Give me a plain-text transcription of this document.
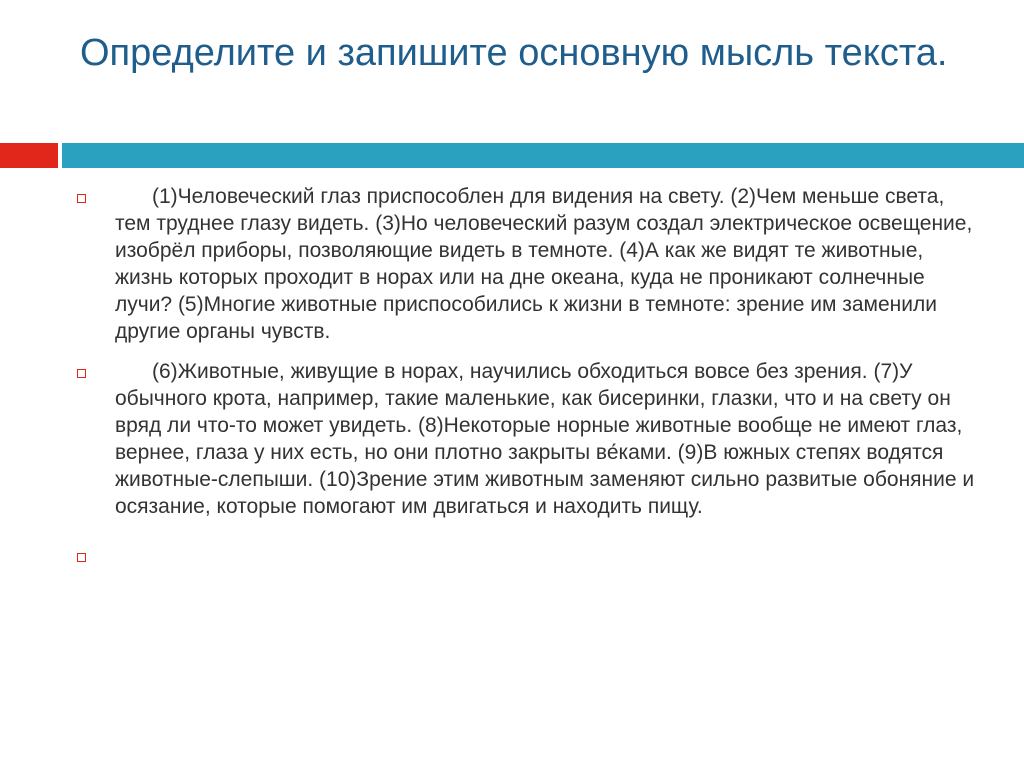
Определите и запишите основную мысль текста.

(1)Человеческий глаз приспособлен для видения на свету. (2)Чем меньше света, тем труднее глазу видеть. (3)Но человеческий разум создал электрическое освещение, изобрёл приборы, позволяющие видеть в темноте. (4)А как же видят те животные, жизнь которых проходит в норах или на дне океана, куда не проникают солнечные лучи? (5)Многие животные приспособились к жизни в темноте: зрение им заменили другие органы чувств.

(6)Животные, живущие в норах, научились обходиться вовсе без зрения. (7)У обычного крота, например, такие маленькие, как бисеринки, глазки, что и на свету он вряд ли что-то может увидеть. (8)Некоторые норные животные вообще не имеют глаз, вернее, глаза у них есть, но они плотно закрыты ве́ками. (9)В южных степях водятся животные-слепыши. (10)Зрение этим животным заменяют сильно развитые обоняние и осязание, которые помогают им двигаться и находить пищу.
